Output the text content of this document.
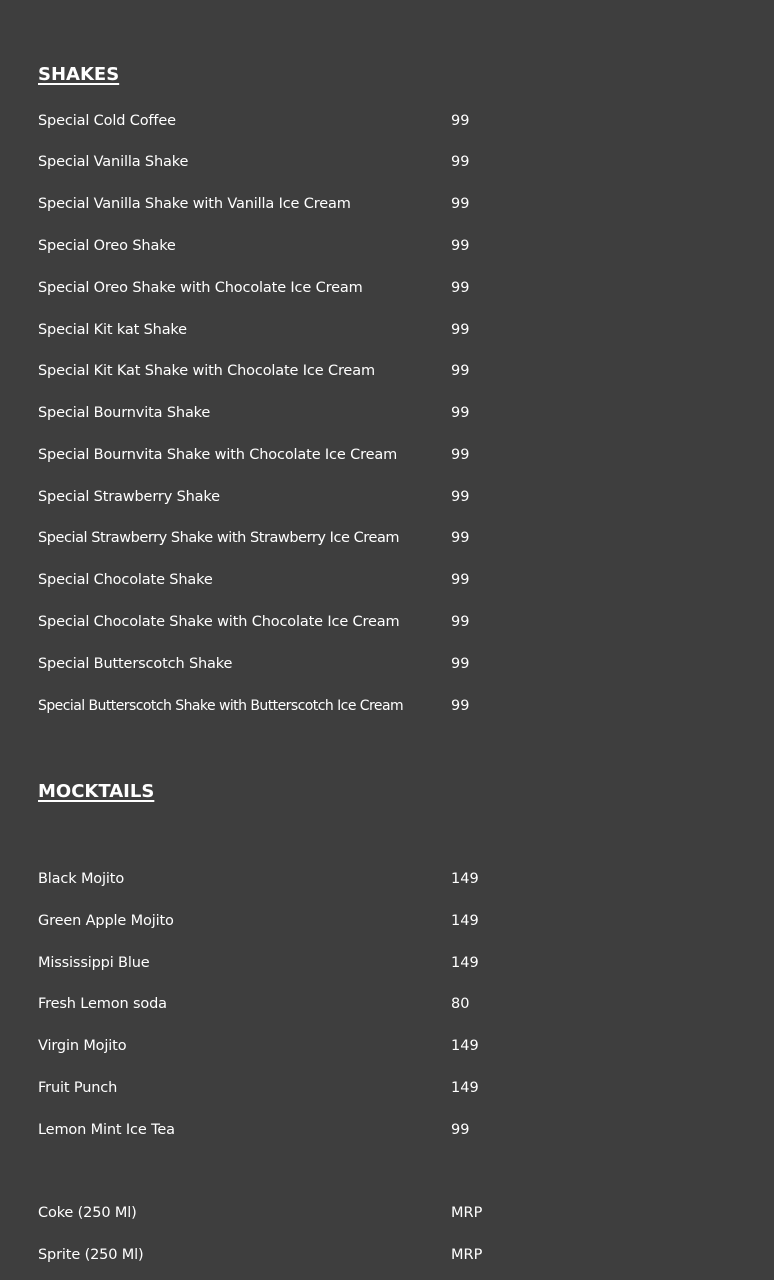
SHAKES
Special Cold Coffee	99
Special Vanilla Shake	99
Special Vanilla Shake with Vanilla Ice Cream	99
Special Oreo Shake	99
Special Oreo Shake with Chocolate Ice Cream	99
Special Kit kat Shake	99
Special Kit Kat Shake with Chocolate Ice Cream	99
Special Bournvita Shake	99
Special Bournvita Shake with Chocolate Ice Cream	99
Special Strawberry Shake	99
Special Strawberry Shake with Strawberry Ice Cream	99
Special Chocolate Shake	99
Special Chocolate Shake with Chocolate Ice Cream	99
Special Butterscotch Shake	99
Special Butterscotch Shake with Butterscotch Ice Cream	99
MOCKTAILS
Black Mojito	149
Green Apple Mojito	149
Mississippi Blue	149
Fresh Lemon soda	80
Virgin Mojito	149
Fruit Punch	149
Lemon Mint Ice Tea	99
Coke (250 Ml)	MRP
Sprite (250 Ml)	MRP
